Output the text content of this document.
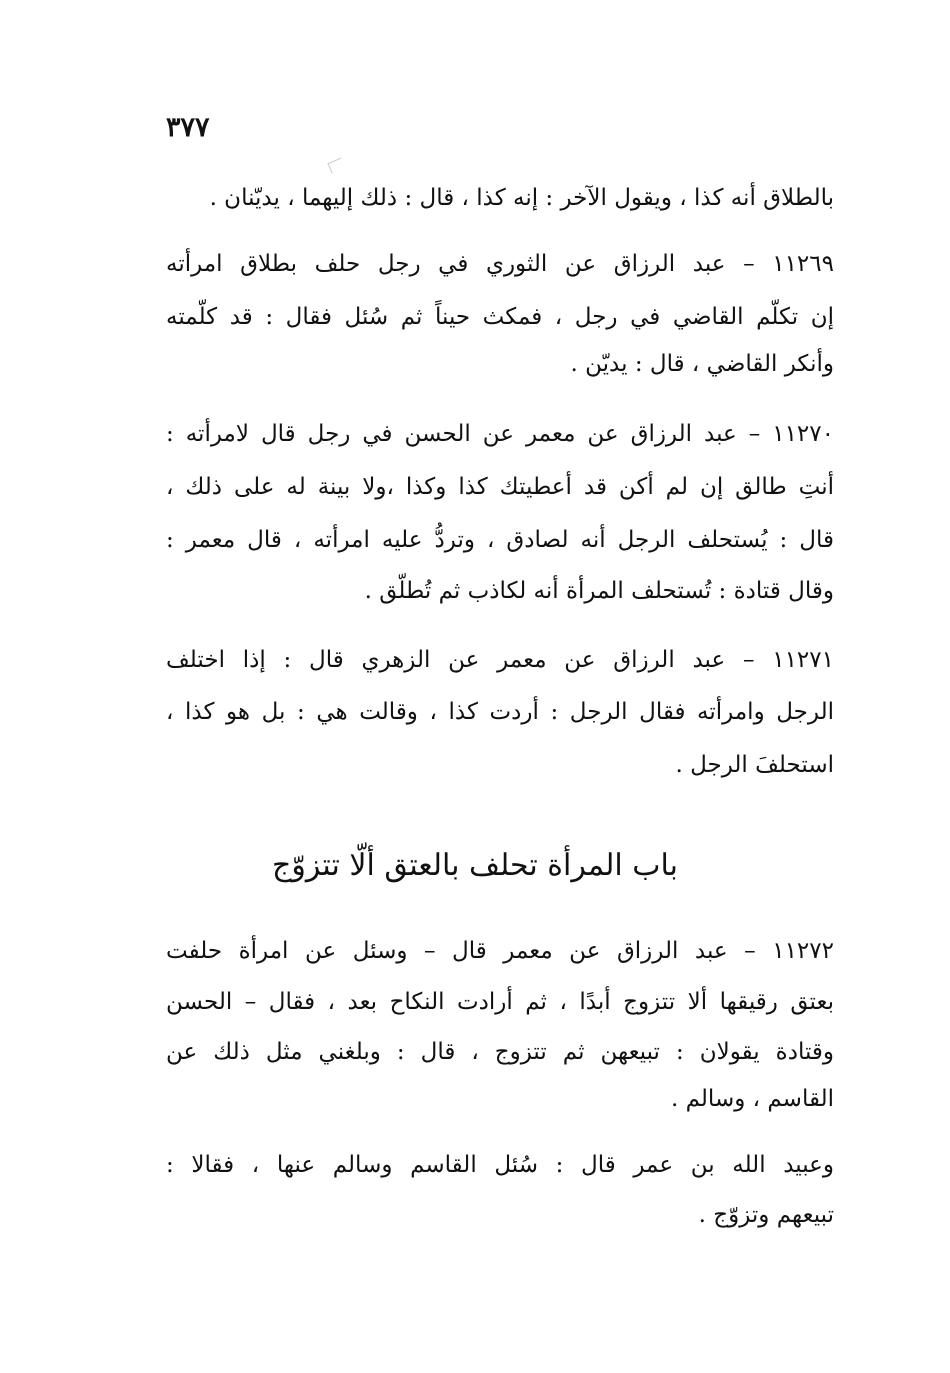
٣٧٧
بالطلاق أنه كذا ، ويقول الآخر : إنه كذا ، قال : ذلك إليهما ، يديّنان .
١١٢٦٩ – عبد الرزاق عن الثوري في رجل حلف بطلاق امرأته
إن تكلّم القاضي في رجل ، فمكث حيناً ثم سُئل فقال : قد كلّمته
وأنكر القاضي ، قال : يديّن .
١١٢٧٠ – عبد الرزاق عن معمر عن الحسن في رجل قال لامرأته :
أنتِ طالق إن لم أكن قد أعطيتك كذا وكذا ،ولا بينة له على ذلك ،
قال : يُستحلف الرجل أنه لصادق ، وتردُّ عليه امرأته ، قال معمر :
وقال قتادة : تُستحلف المرأة أنه لكاذب ثم تُطلّق .
١١٢٧١ – عبد الرزاق عن معمر عن الزهري قال : إذا اختلف
الرجل وامرأته فقال الرجل : أردت كذا ، وقالت هي : بل هو كذا ،
استحلفَ الرجل .
باب المرأة تحلف بالعتق ألّا تتزوّج
١١٢٧٢ – عبد الرزاق عن معمر قال – وسئل عن امرأة حلفت
بعتق رقيقها ألا تتزوج أبدًا ، ثم أرادت النكاح بعد ، فقال – الحسن
وقتادة يقولان : تبيعهن ثم تتزوج ، قال : وبلغني مثل ذلك عن
القاسم ، وسالم .
وعبيد الله بن عمر قال : سُئل القاسم وسالم عنها ، فقالا :
تبيعهم وتزوّج .
